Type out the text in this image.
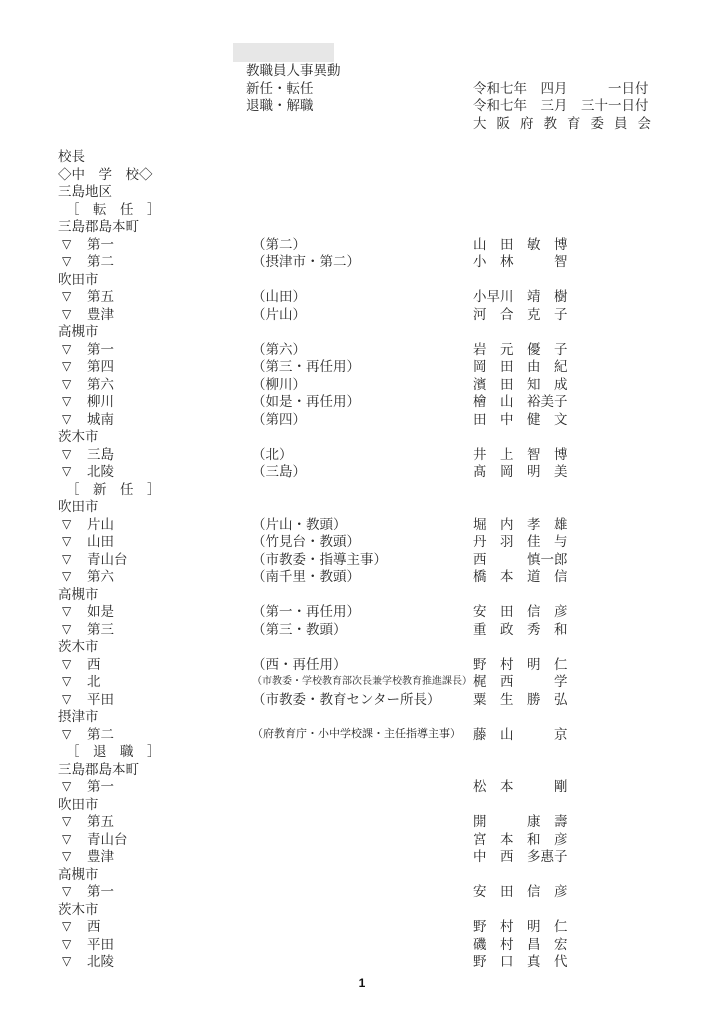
教職員人事異動
新任・転任	令和七年　四月　　　一日付
退職・解職	令和七年　三月　三十一日付
大阪府教育委員会
校長
◇中　学　校◇
三島地区
［　転　任　］
三島郡島本町
▽ 第一	（第二）	山　田　敏　博
▽ 第二	（摂津市・第二）	小　林　　　智
吹田市
▽ 第五	（山田）	小早川　靖　樹
▽ 豊津	（片山）	河　合　克　子
高槻市
▽ 第一	（第六）	岩　元　優　子
▽ 第四	（第三・再任用）	岡　田　由　紀
▽ 第六	（柳川）	濱　田　知　成
▽ 柳川	（如是・再任用）	檜　山　裕美子
▽ 城南	（第四）	田　中　健　文
茨木市
▽ 三島	（北）	井　上　智　博
▽ 北陵	（三島）	髙　岡　明　美
［　新　任　］
吹田市
▽ 片山	（片山・教頭）	堀　内　孝　雄
▽ 山田	（竹見台・教頭）	丹　羽　佳　与
▽ 青山台	（市教委・指導主事）	西　　　慎一郎
▽ 第六	（南千里・教頭）	橋　本　道　信
高槻市
▽ 如是	（第一・再任用）	安　田　信　彦
▽ 第三	（第三・教頭）	重　政　秀　和
茨木市
▽ 西	（西・再任用）	野　村　明　仁
▽ 北	（市教委・学校教育部次長兼学校教育推進課長） 梶　西　　　学
▽ 平田	（市教委・教育センター所長） 粟　生　勝　弘
摂津市
▽ 第二	（府教育庁・小中学校課・主任指導主事） 藤　山　　　京
［　退　職　］
三島郡島本町
▽ 第一	松　本　　　剛
吹田市
▽ 第五	開　　　康　壽
▽ 青山台	宮　本　和　彦
▽ 豊津	中　西　多惠子
高槻市
▽ 第一	安　田　信　彦
茨木市
▽ 西	野　村　明　仁
▽ 平田	磯　村　昌　宏
▽ 北陵	野　口　真　代
1
